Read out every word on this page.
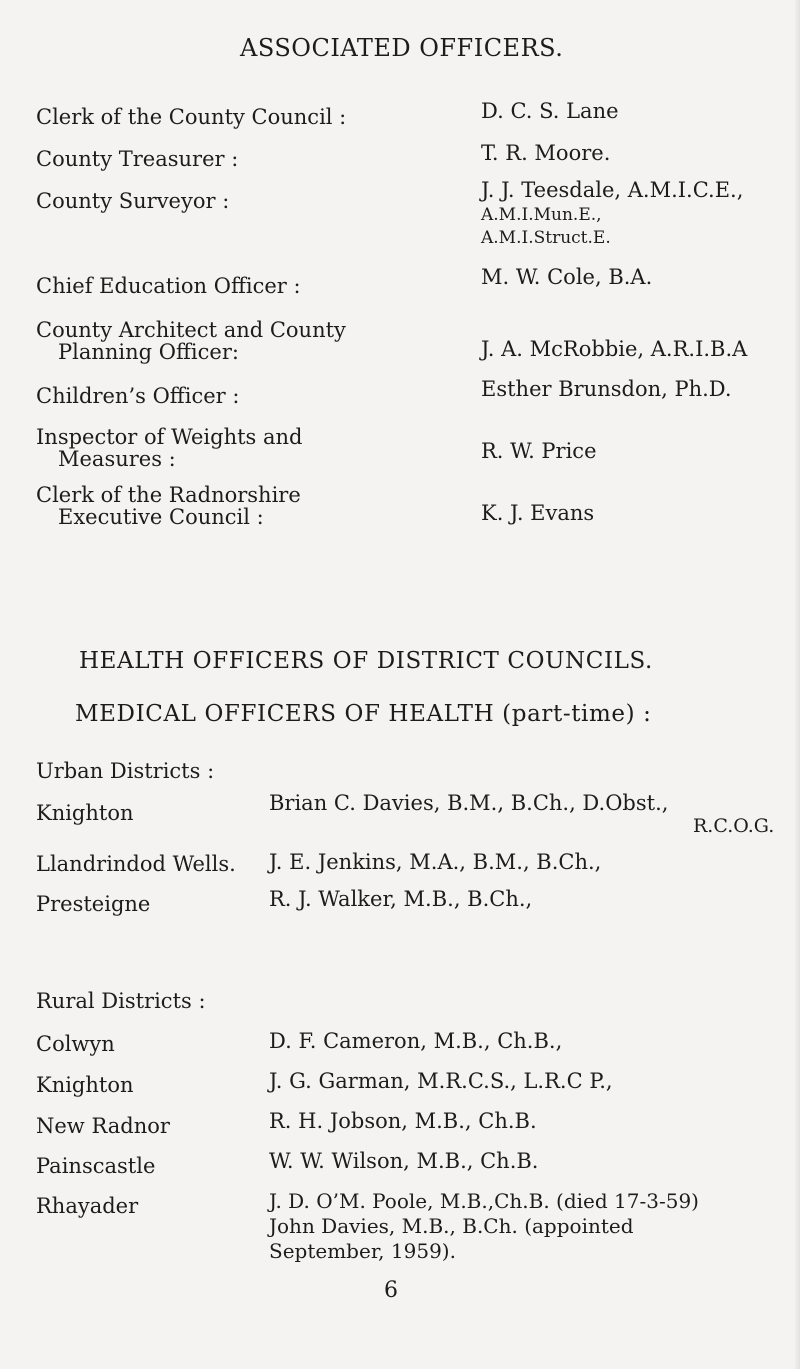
ASSOCIATED OFFICERS.
Clerk of the County Council :	D. C. S. Lane
County Treasurer :	T. R. Moore.
County Surveyor :	J. J. Teesdale, A.M.I.C.E.,
A.M.I.Mun.E.,
A.M.I.Struct.E.
Chief Education Officer :	M. W. Cole, B.A.
County Architect and County
Planning Officer:	J. A. McRobbie, A.R.I.B.A
Children’s Officer :	Esther Brunsdon, Ph.D.
Inspector of Weights and
Measures :	R. W. Price
Clerk of the Radnorshire
Executive Council :	K. J. Evans
HEALTH OFFICERS OF DISTRICT COUNCILS.
MEDICAL OFFICERS OF HEALTH (part-time) :
Urban Districts :
Knighton	Brian C. Davies, B.M., B.Ch., D.Obst.,
R.C.O.G.
Llandrindod Wells. J. E. Jenkins, M.A., B.M., B.Ch.,
Presteigne	R. J. Walker, M.B., B.Ch.,
Rural Districts :
Colwyn	D. F. Cameron, M.B., Ch.B.,
Knighton	J. G. Garman, M.R.C.S., L.R.C P.,
New Radnor	R. H. Jobson, M.B., Ch.B.
Painscastle	W. W. Wilson, M.B., Ch.B.
Rhayader	J. D. O’M. Poole, M.B.,Ch.B. (died 17-3-59)
John Davies, M.B., B.Ch. (appointed
September, 1959).
6
